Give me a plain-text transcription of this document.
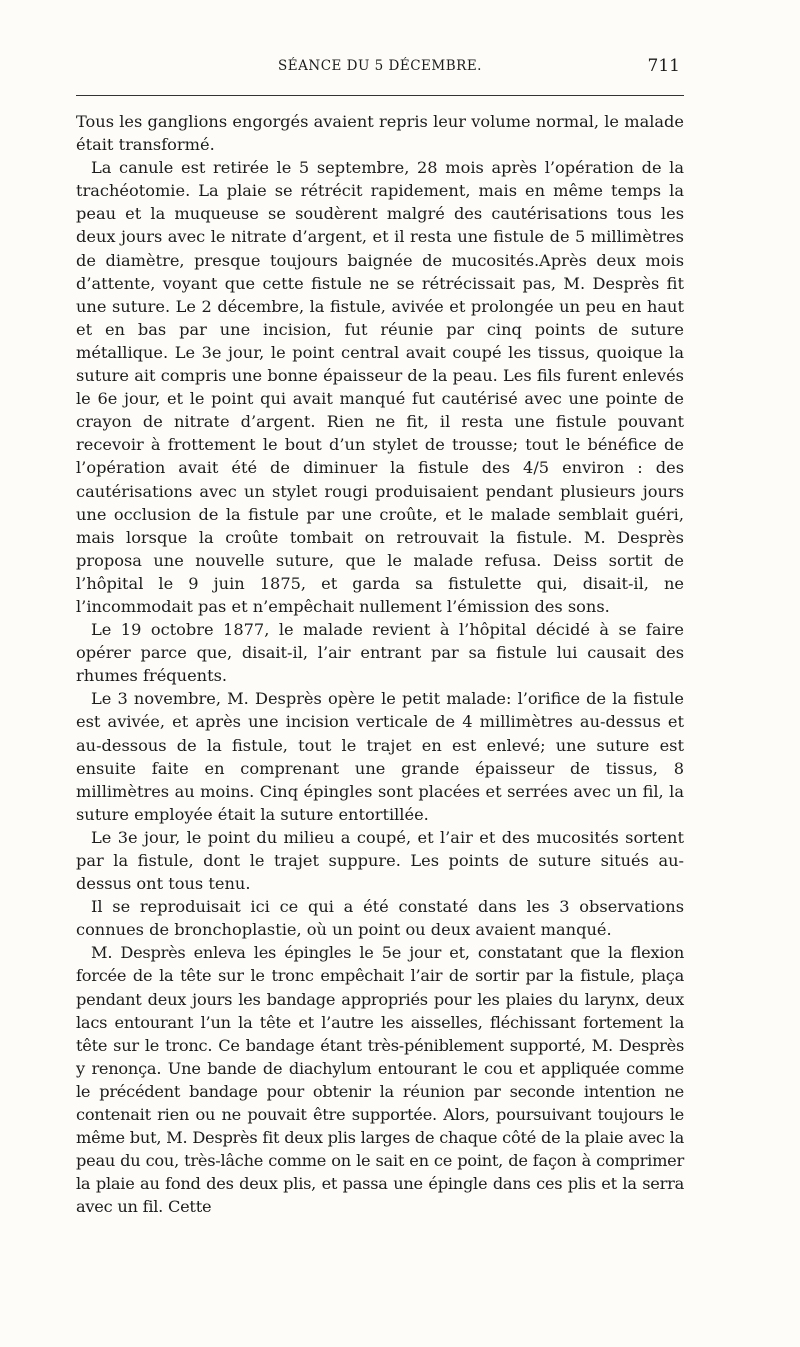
SÉANCE DU 5 DÉCEMBRE.	711

Tous les ganglions engorgés avaient repris leur volume normal, le malade était transformé.

La canule est retirée le 5 septembre, 28 mois après l’opération de la trachéotomie. La plaie se rétrécit rapidement, mais en même temps la peau et la muqueuse se soudèrent malgré des cautérisations tous les deux jours avec le nitrate d’argent, et il resta une fistule de 5 millimètres de diamètre, presque toujours baignée de mucosités.Après deux mois d’attente, voyant que cette fistule ne se rétrécissait pas, M. Desprès fit une suture. Le 2 décembre, la fistule, avivée et prolongée un peu en haut et en bas par une incision, fut réunie par cinq points de suture métallique. Le 3e jour, le point central avait coupé les tissus, quoique la suture ait compris une bonne épaisseur de la peau. Les fils furent enlevés le 6e jour, et le point qui avait manqué fut cautérisé avec une pointe de crayon de nitrate d’argent. Rien ne fit, il resta une fistule pouvant recevoir à frottement le bout d’un stylet de trousse; tout le bénéfice de l’opération avait été de diminuer la fistule des 4/5 environ : des cautérisations avec un stylet rougi produisaient pendant plusieurs jours une occlusion de la fistule par une croûte, et le malade semblait guéri, mais lorsque la croûte tombait on retrouvait la fistule. M. Desprès proposa une nouvelle suture, que le malade refusa. Deiss sortit de l’hôpital le 9 juin 1875, et garda sa fistulette qui, disait-il, ne l’incommodait pas et n’empêchait nullement l’émission des sons.

Le 19 octobre 1877, le malade revient à l’hôpital décidé à se faire opérer parce que, disait-il, l’air entrant par sa fistule lui causait des rhumes fréquents.

Le 3 novembre, M. Desprès opère le petit malade: l’orifice de la fistule est avivée, et après une incision verticale de 4 millimètres au-dessus et au-dessous de la fistule, tout le trajet en est enlevé; une suture est ensuite faite en comprenant une grande épaisseur de tissus, 8 millimètres au moins. Cinq épingles sont placées et serrées avec un fil, la suture employée était la suture entortillée.

Le 3e jour, le point du milieu a coupé, et l’air et des mucosités sortent par la fistule, dont le trajet suppure. Les points de suture situés au-dessus ont tous tenu.

Il se reproduisait ici ce qui a été constaté dans les 3 observations connues de bronchoplastie, où un point ou deux avaient manqué.

M. Desprès enleva les épingles le 5e jour et, constatant que la flexion forcée de la tête sur le tronc empêchait l’air de sortir par la fistule, plaça pendant deux jours les bandage appropriés pour les plaies du larynx, deux lacs entourant l’un la tête et l’autre les aisselles, fléchissant fortement la tête sur le tronc. Ce bandage étant très-péniblement supporté, M. Desprès y renonça. Une bande de diachylum entourant le cou et appliquée comme le précédent bandage pour obtenir la réunion par seconde intention ne contenait rien ou ne pouvait être supportée. Alors, poursuivant toujours le même but, M. Desprès fit deux plis larges de chaque côté de la plaie avec la peau du cou, très-lâche comme on le sait en ce point, de façon à comprimer la plaie au fond des deux plis, et passa une épingle dans ces plis et la serra avec un fil. Cette
